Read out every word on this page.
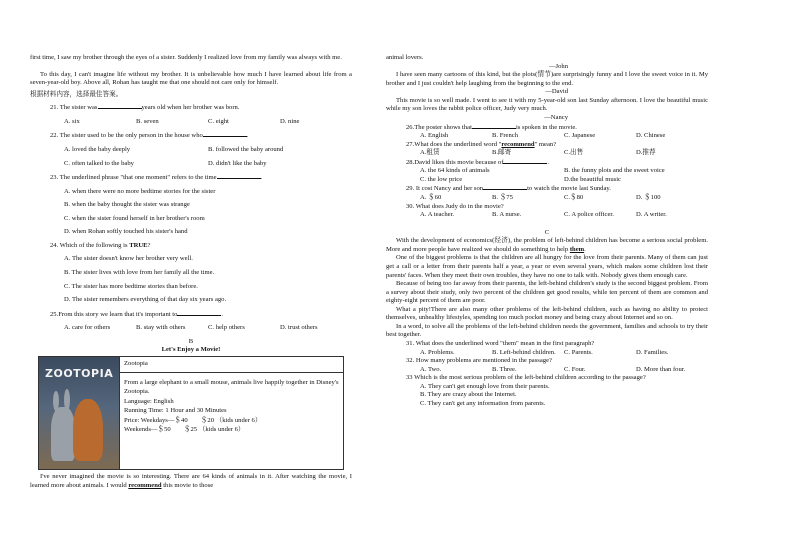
first time, I saw my brother through the eyes of a sister. Suddenly I realized love from my family was always with me.

To this day, I can't imagine life without my brother. It is unbelievable how much I have learned about life from a seven-year-old boy. Above all, Rohan has taught me that one should not care only for himself.

根据材料内容，选择最佳答案。

21. The sister was	years old when her brother was born.

A. six	B. seven	C. eight	D. nine

22. The sister used to be the only person in the house who	.

A. loved the baby deeply	B. followed the baby around
C. often talked to the baby	D. didn't like the baby

23. The underlined phrase "that one moment" refers to the time	.

A. when there were no more bedtime stories for the sister

B. when the baby thought the sister was strange

C. when the sister found herself in her brother's room

D. when Rohan softly touched his sister's hand

24. Which of the following is TRUE?

A. The sister doesn't know her brother very well.

B. The sister lives with love from her family all the time.

C. The sister has more bedtime stories than before.

D. The sister remembers everything of that day six years ago.

25.From this story we learn that it's important to	.

A. care for others	B. stay with others	C. help others	D. trust others

B

Let's Enjoy a Movie!

ZOOTOPIA
Zootopia

From a large elephant to a small mouse, animals live happily together in Disney's Zootopia.

Language: English

Running Time: 1 Hour and 30 Minutes

Price: Weekdays—＄40　　＄20 （kids under 6）

Weekends—＄50　　＄25 （kids under 6）

I've never imagined the movie is so interesting. There are 64 kinds of animals in it. After watching the movie, I learned more about animals. I would recommend this movie to those

animal lovers.

—John

I have seen many cartoons of this kind, but the plots(情节)are surprisingly funny and I love the sweet voice in it. My brother and I just couldn't help laughing from the beginning to the end.

—David

This movie is so well made. I went to see it with my 5-year-old son last Sunday afternoon. I love the beautiful music while my son loves the rabbit police officer, Judy very much.

—Nancy

26.The poster shows that	is spoken in the movie.

A. English	B. French	C. Japanese	D. Chinese

27.What does the underlined word "recommend" mean?

A.租赁	B.邮寄	C.出售	D.推荐

28.David likes this movie because of	.

A. the 64 kinds of animals	B. the funny plots and the sweet voice
C. the low price	D.the beautiful music

29. It cost Nancy and her son	to watch the movie last Sunday.

A. ＄60	B. ＄75	C.＄80	D. ＄100

30. What does Judy do in the movie?

A. A teacher.	B. A nurse.	C. A police officer.	D. A writer.

C

With the development of economics(经济), the problem of left-behind children has become a serious social problem. More and more people have realized we should do something to help them.

One of the biggest problems is that the children are all hungry for the love from their parents. Many of them can just get a call or a letter from their parents half a year, a year or even several years, which makes some children lost their parents' faces. When they meet their own troubles, they have no one to talk with. Nobody gives them enough care.

Because of being too far away from their parents, the left-behind children's study is the second biggest problem. From a survey about their study, only two percent of the children get good results, while ten percent of them are common and eighty-eight percent of them are poor.

What a pity!There are also many other problems of the left-behind children, such as having no ability to protect themselves, unhealthy lifestyles, spending too much pocket money and being crazy about Internet and so on.

In a word, to solve all the problems of the left-behind children needs the government, families and schools to try their best together.

31. What does the underlined word "them" mean in the first paragraph?

A. Problems.	B. Left-behind children.	C. Parents.	D. Families.

32. How many problems are mentioned in the passage?

A. Two.	B. Three.	C. Four.	D. More than four.

33 Which is the most serious problem of the left-behind children according to the passage?

A. They can't get enough love from their parents.

B. They are crazy about the Internet.

C. They can't get any information from parents.
